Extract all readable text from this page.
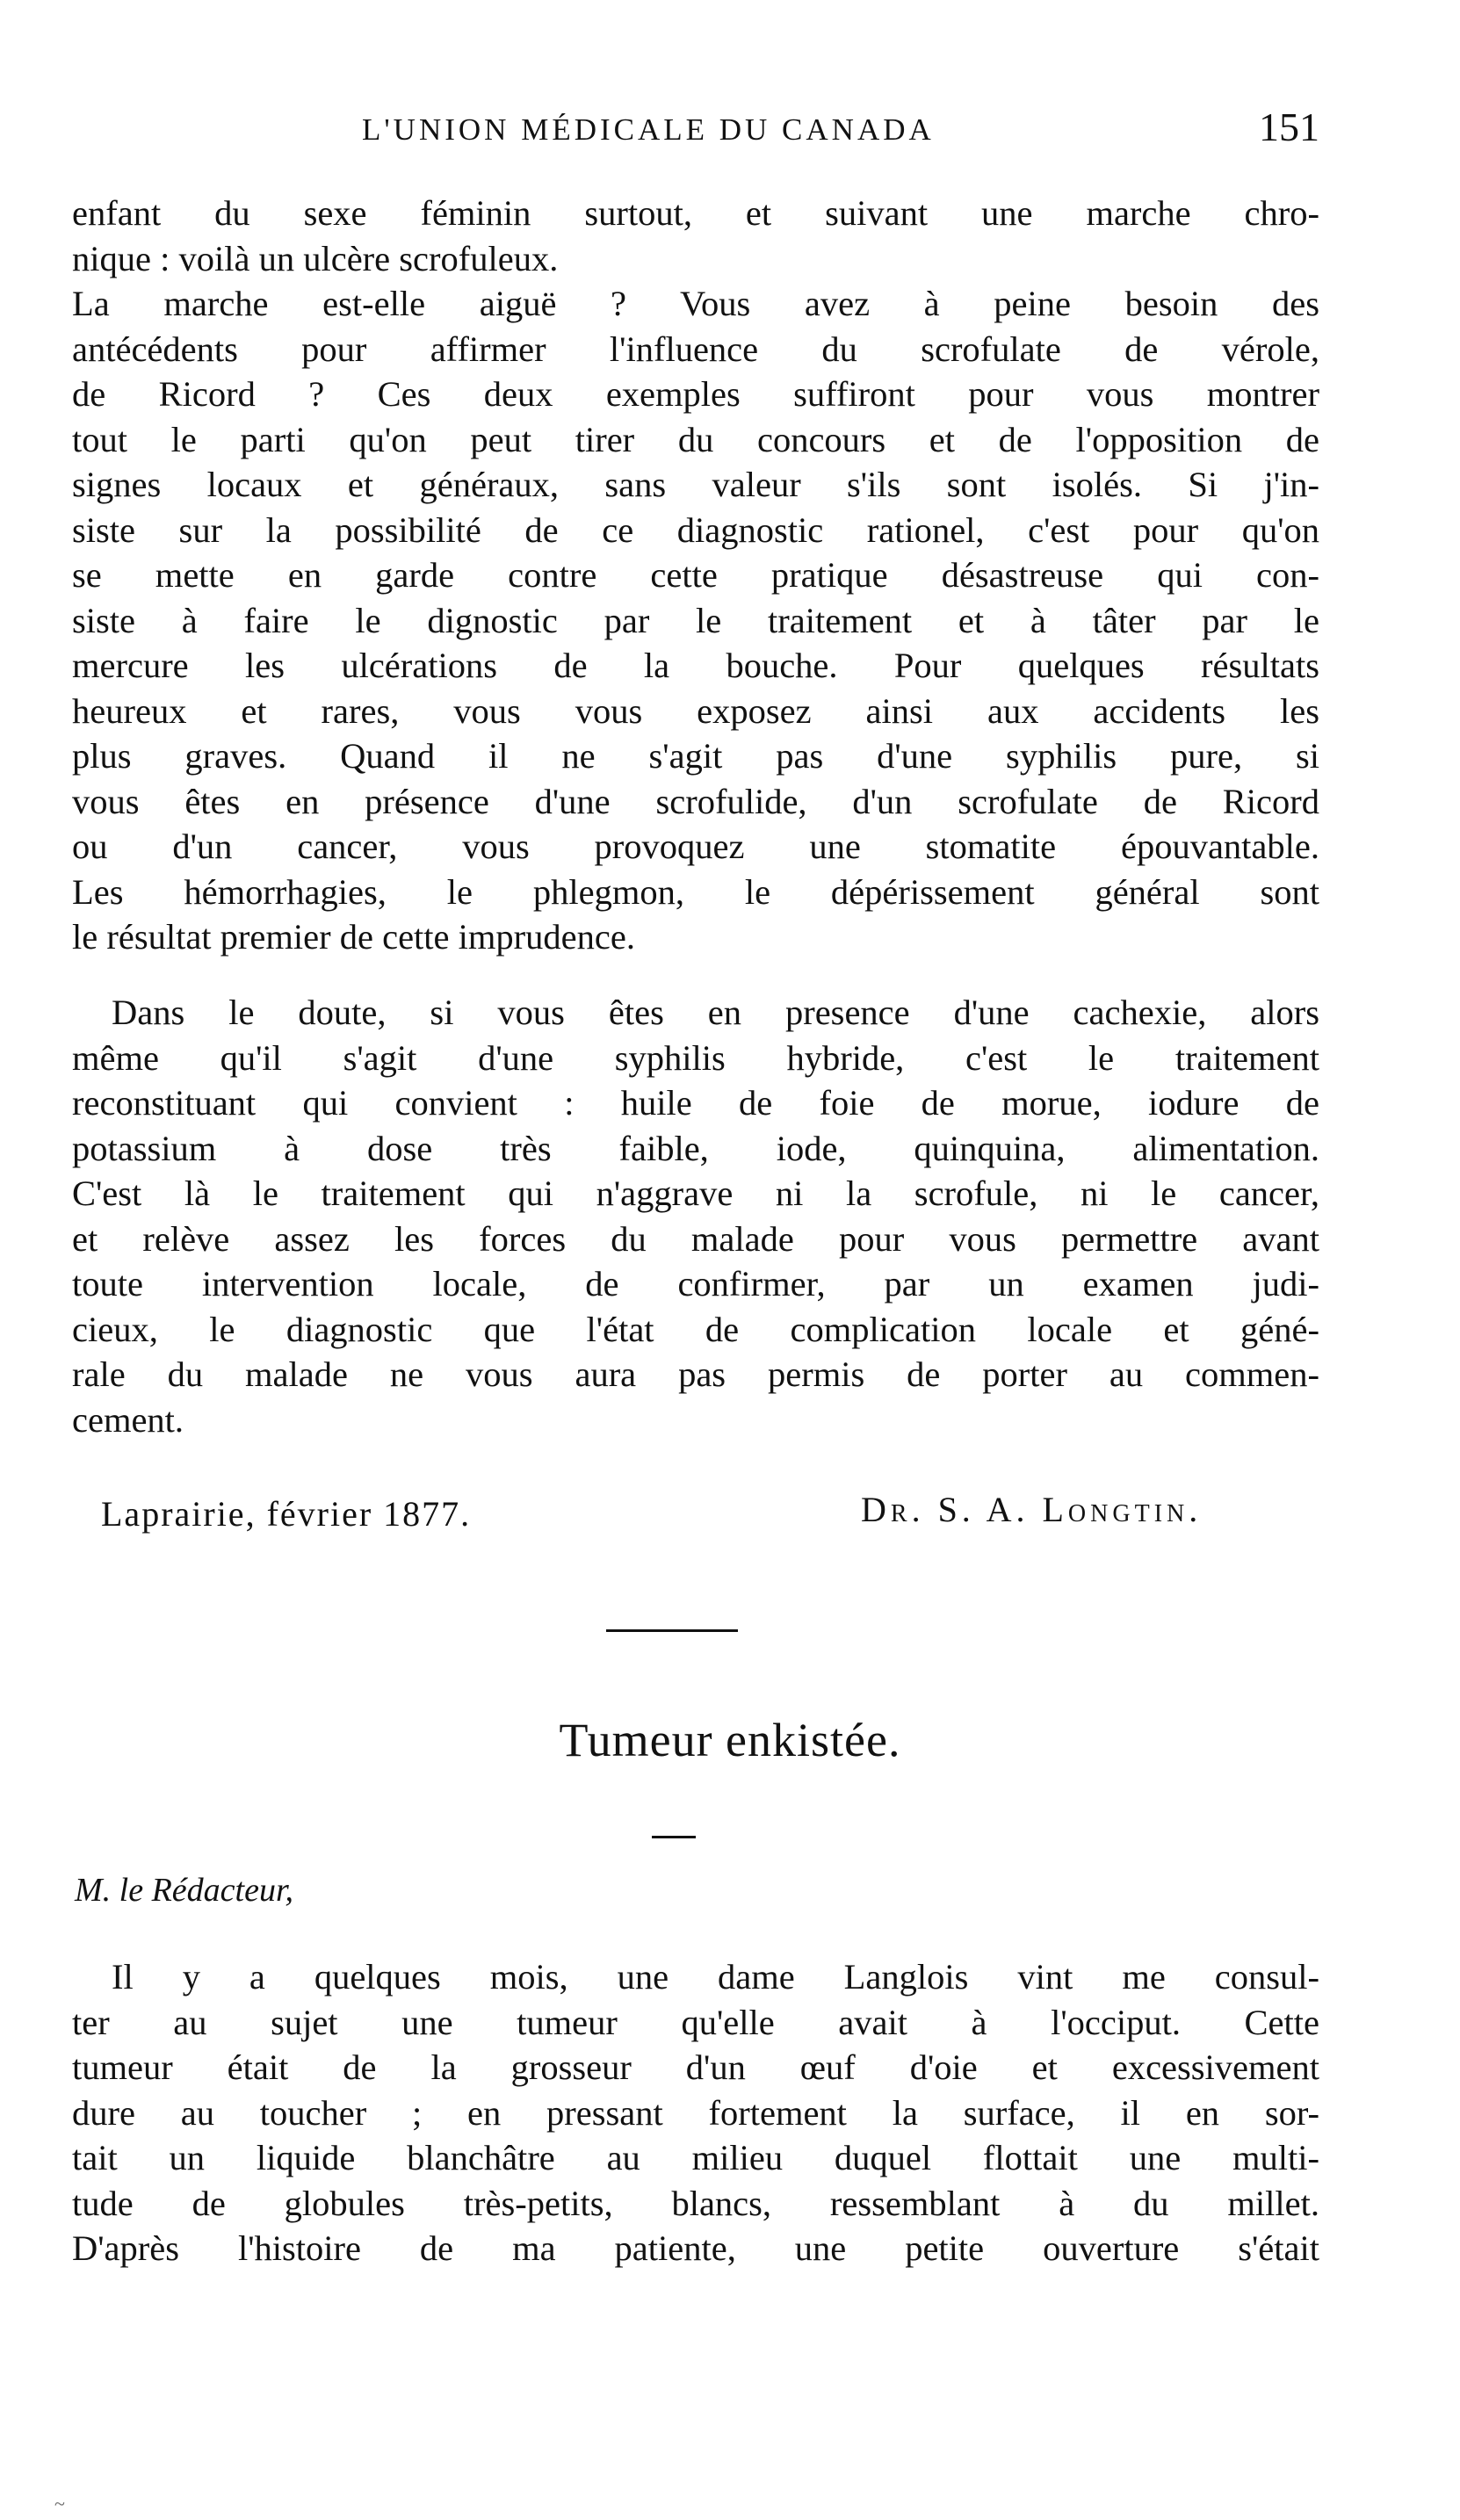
L'UNION MÉDICALE DU CANADA	151
enfant du sexe féminin surtout, et suivant une marche chro-
nique : voilà un ulcère scrofuleux.
La marche est-elle aiguë ? Vous avez à peine besoin des
antécédents pour affirmer l'influence du scrofulate de vérole,
de Ricord ? Ces deux exemples suffiront pour vous montrer
tout le parti qu'on peut tirer du concours et de l'opposition de
signes locaux et généraux, sans valeur s'ils sont isolés. Si j'in-
siste sur la possibilité de ce diagnostic rationel, c'est pour qu'on
se mette en garde contre cette pratique désastreuse qui con-
siste à faire le dignostic par le traitement et à tâter par le
mercure les ulcérations de la bouche. Pour quelques résultats
heureux et rares, vous vous exposez ainsi aux accidents les
plus graves. Quand il ne s'agit pas d'une syphilis pure, si
vous êtes en présence d'une scrofulide, d'un scrofulate de Ricord
ou d'un cancer, vous provoquez une stomatite épouvantable.
Les hémorrhagies, le phlegmon, le dépérissement général sont
le résultat premier de cette imprudence.
Dans le doute, si vous êtes en presence d'une cachexie, alors
même qu'il s'agit d'une syphilis hybride, c'est le traitement
reconstituant qui convient : huile de foie de morue, iodure de
potassium à dose très faible, iode, quinquina, alimentation.
C'est là le traitement qui n'aggrave ni la scrofule, ni le cancer,
et relève assez les forces du malade pour vous permettre avant
toute intervention locale, de confirmer, par un examen judi-
cieux, le diagnostic que l'état de complication locale et géné-
rale du malade ne vous aura pas permis de porter au commen-
cement.
Dr. S. A. Longtin.
Laprairie, février 1877.
Tumeur enkistée.
M. le Rédacteur,
Il y a quelques mois, une dame Langlois vint me consul-
ter au sujet une tumeur qu'elle avait à l'occiput. Cette
tumeur était de la grosseur d'un œuf d'oie et excessivement
dure au toucher ; en pressant fortement la surface, il en sor-
tait un liquide blanchâtre au milieu duquel flottait une multi-
tude de globules très-petits, blancs, ressemblant à du millet.
D'après l'histoire de ma patiente, une petite ouverture s'était
~
